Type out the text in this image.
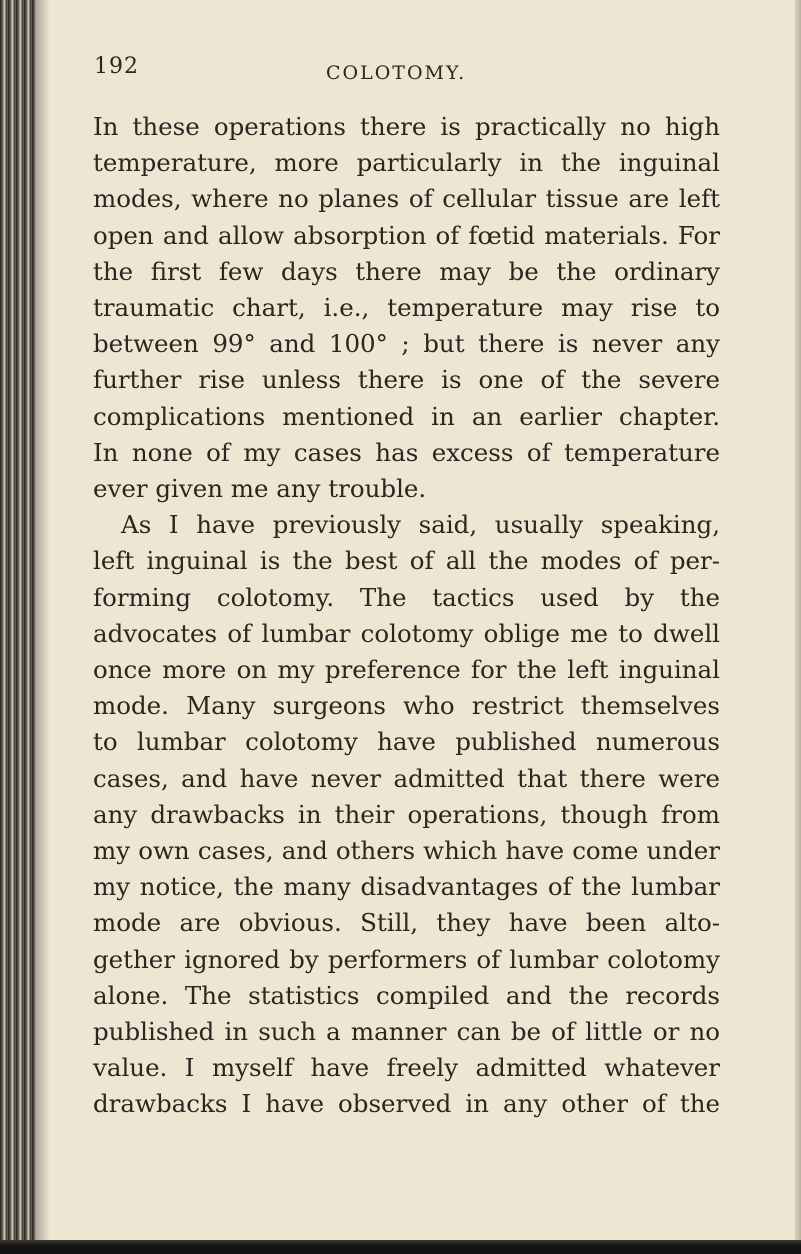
192	COLOTOMY.
In these operations there is practically no high
temperature, more particularly in the inguinal
modes, where no planes of cellular tissue are left
open and allow absorption of fœtid materials. For
the first few days there may be the ordinary
traumatic chart, i.e., temperature may rise to
between 99° and 100° ; but there is never any
further rise unless there is one of the severe
complications mentioned in an earlier chapter.
In none of my cases has excess of temperature
ever given me any trouble.
As I have previously said, usually speaking,
left inguinal is the best of all the modes of per-
forming colotomy. The tactics used by the
advocates of lumbar colotomy oblige me to dwell
once more on my preference for the left inguinal
mode. Many surgeons who restrict themselves
to lumbar colotomy have published numerous
cases, and have never admitted that there were
any drawbacks in their operations, though from
my own cases, and others which have come under
my notice, the many disadvantages of the lumbar
mode are obvious. Still, they have been alto-
gether ignored by performers of lumbar colotomy
alone. The statistics compiled and the records
published in such a manner can be of little or no
value. I myself have freely admitted whatever
drawbacks I have observed in any other of the
